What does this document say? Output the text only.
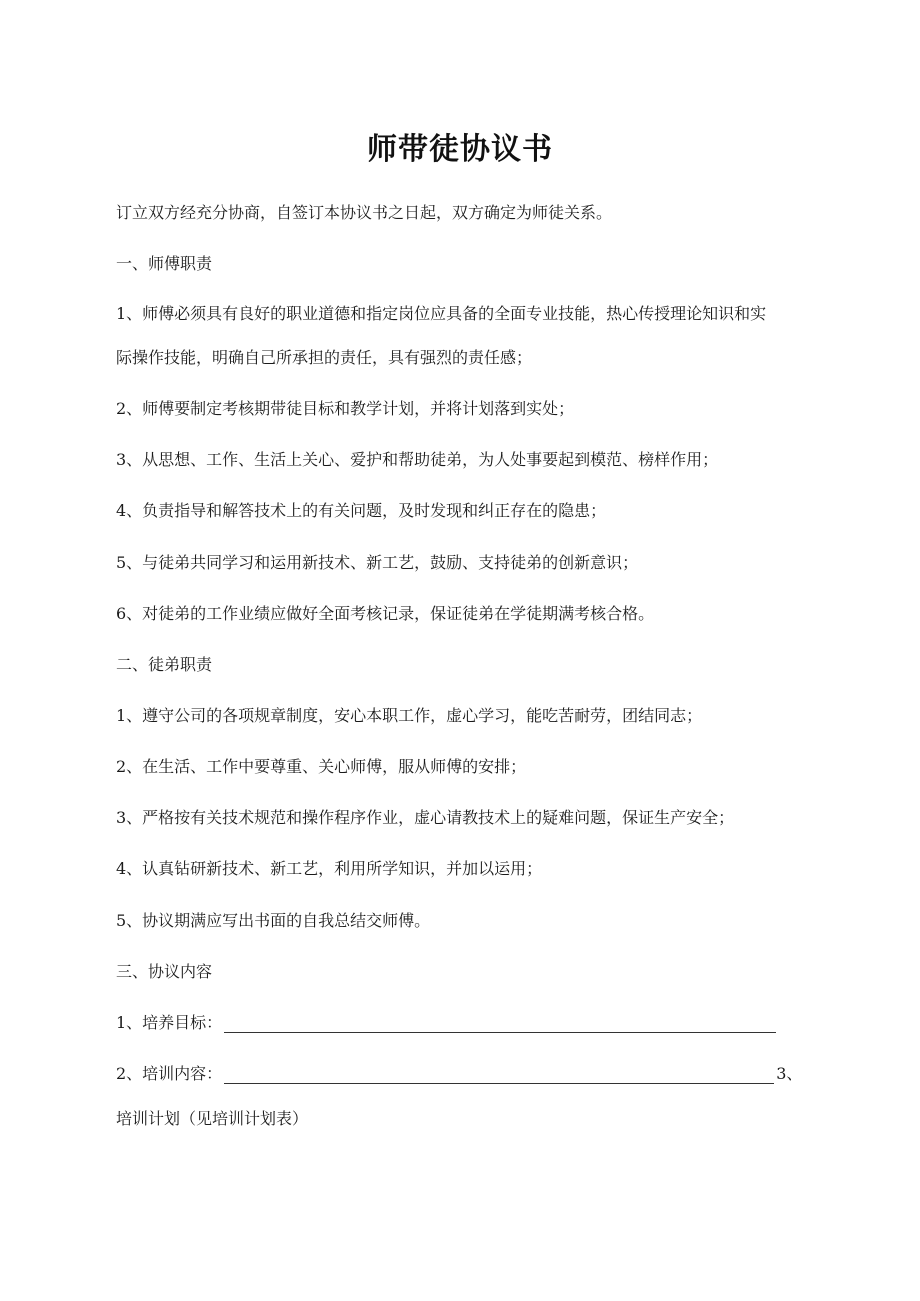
师带徒协议书

订立双方经充分协商，自签订本协议书之日起，双方确定为师徒关系。

一、师傅职责

1、师傅必须具有良好的职业道德和指定岗位应具备的全面专业技能，热心传授理论知识和实

际操作技能，明确自己所承担的责任，具有强烈的责任感；

2、师傅要制定考核期带徒目标和教学计划，并将计划落到实处；

3、从思想、工作、生活上关心、爱护和帮助徒弟，为人处事要起到模范、榜样作用；

4、负责指导和解答技术上的有关问题，及时发现和纠正存在的隐患；

5、与徒弟共同学习和运用新技术、新工艺，鼓励、支持徒弟的创新意识；

6、对徒弟的工作业绩应做好全面考核记录，保证徒弟在学徒期满考核合格。

二、徒弟职责

1、遵守公司的各项规章制度，安心本职工作，虚心学习，能吃苦耐劳，团结同志；

2、在生活、工作中要尊重、关心师傅，服从师傅的安排；

3、严格按有关技术规范和操作程序作业，虚心请教技术上的疑难问题，保证生产安全；

4、认真钻研新技术、新工艺，利用所学知识，并加以运用；

5、协议期满应写出书面的自我总结交师傅。

三、协议内容

1、培养目标：
2、培训内容：	3、

培训计划（见培训计划表）
